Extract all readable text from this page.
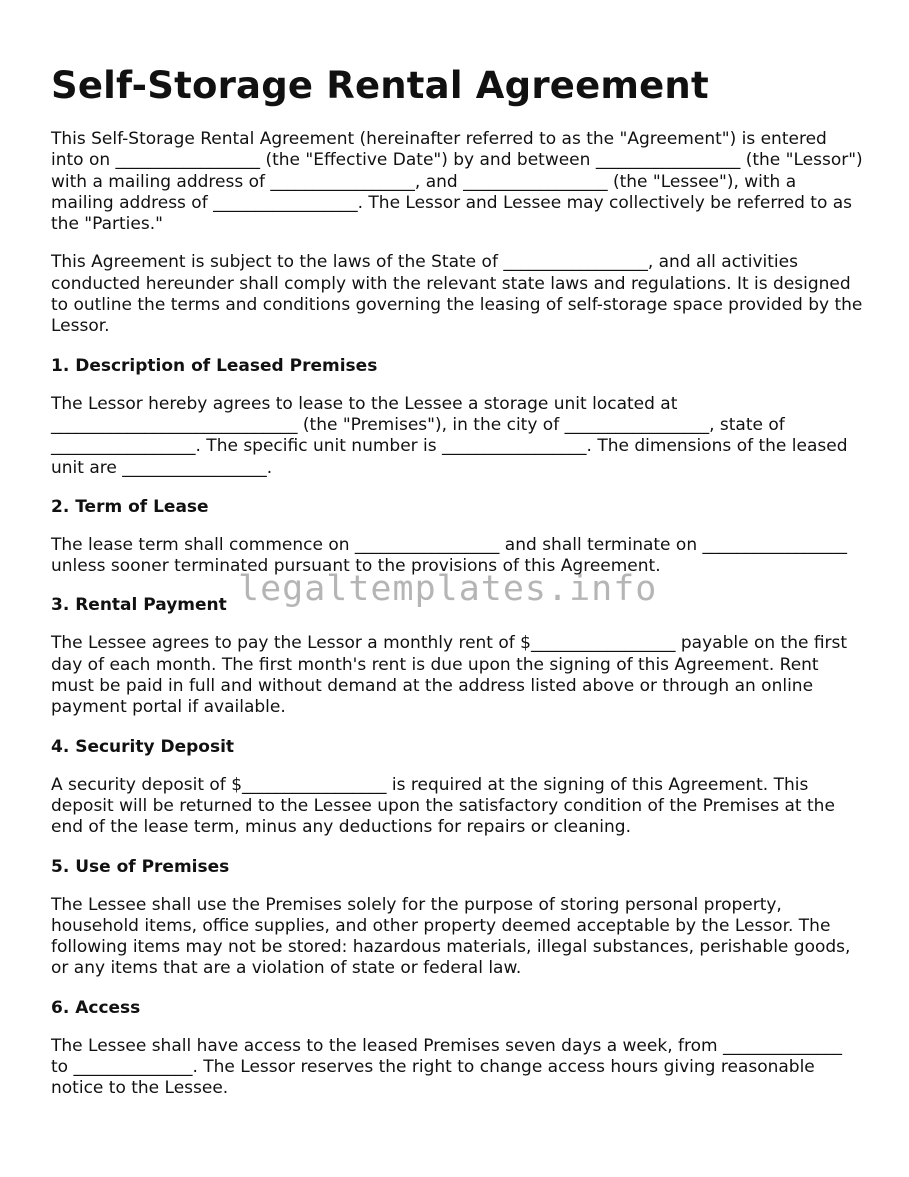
Self-Storage Rental Agreement

This Self-Storage Rental Agreement (hereinafter referred to as the "Agreement") is entered into on _________________ (the "Effective Date") by and between _________________ (the "Lessor") with a mailing address of _________________, and _________________ (the "Lessee"), with a mailing address of _________________. The Lessor and Lessee may collectively be referred to as the "Parties."

This Agreement is subject to the laws of the State of _________________, and all activities conducted hereunder shall comply with the relevant state laws and regulations. It is designed to outline the terms and conditions governing the leasing of self-storage space provided by the Lessor.

1. Description of Leased Premises

The Lessor hereby agrees to lease to the Lessee a storage unit located at _____________________________ (the "Premises"), in the city of _________________, state of _________________. The specific unit number is _________________. The dimensions of the leased unit are _________________.

2. Term of Lease

The lease term shall commence on _________________ and shall terminate on _________________ unless sooner terminated pursuant to the provisions of this Agreement.

3. Rental Payment

The Lessee agrees to pay the Lessor a monthly rent of $_________________ payable on the first day of each month. The first month's rent is due upon the signing of this Agreement. Rent must be paid in full and without demand at the address listed above or through an online payment portal if available.

4. Security Deposit

A security deposit of $_________________ is required at the signing of this Agreement. This deposit will be returned to the Lessee upon the satisfactory condition of the Premises at the end of the lease term, minus any deductions for repairs or cleaning.

5. Use of Premises

The Lessee shall use the Premises solely for the purpose of storing personal property, household items, office supplies, and other property deemed acceptable by the Lessor. The following items may not be stored: hazardous materials, illegal substances, perishable goods, or any items that are a violation of state or federal law.

6. Access

The Lessee shall have access to the leased Premises seven days a week, from ______________ to ______________. The Lessor reserves the right to change access hours giving reasonable notice to the Lessee.

legaltemplates.info
